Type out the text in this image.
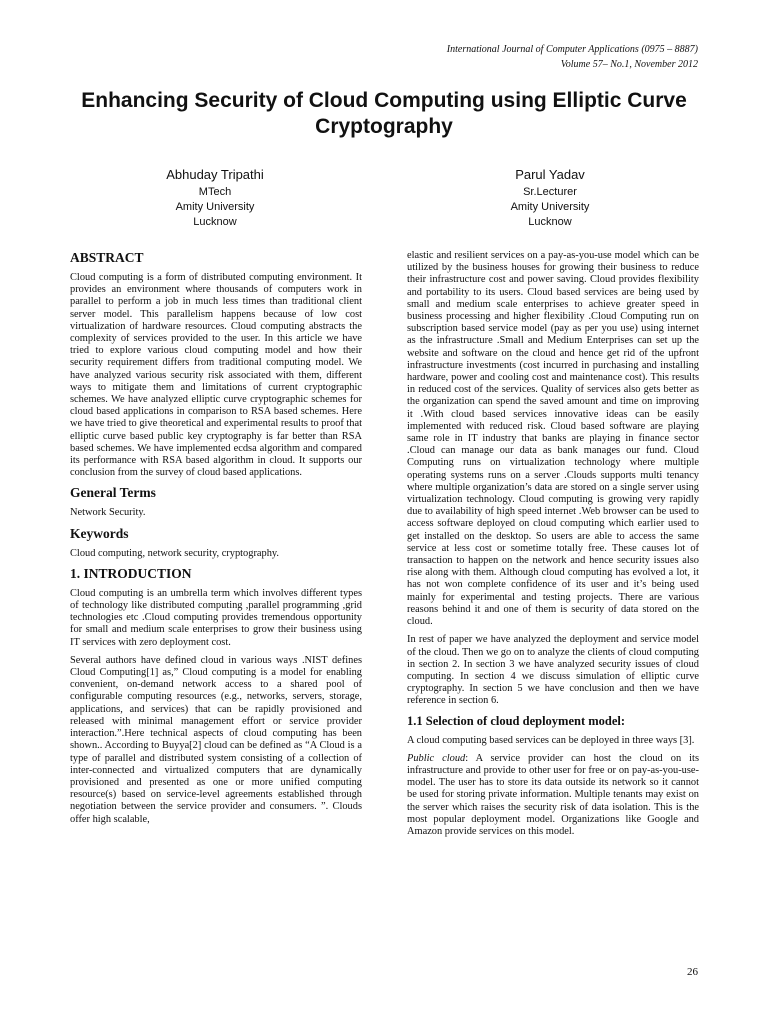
International Journal of Computer Applications (0975 – 8887)
Volume 57– No.1, November 2012
Enhancing Security of Cloud Computing using Elliptic Curve Cryptography
Abhuday Tripathi
MTech
Amity University
Lucknow
Parul Yadav
Sr.Lecturer
Amity University
Lucknow
ABSTRACT

Cloud computing is a form of distributed computing environment. It provides an environment where thousands of computers work in parallel to perform a job in much less times than traditional client server model. This parallelism happens because of low cost virtualization of hardware resources. Cloud computing abstracts the complexity of services provided to the user. In this article we have tried to explore various cloud computing model and how their security requirement differs from traditional computing model. We have analyzed various security risk associated with them, different ways to mitigate them and limitations of current cryptographic schemes. We have analyzed elliptic curve cryptographic schemes for cloud based applications in comparison to RSA based schemes. Here we have tried to give theoretical and experimental results to proof that elliptic curve based public key cryptography is far better than RSA based schemes. We have implemented ecdsa algorithm and compared its performance with RSA based algorithm in cloud. It supports our conclusion from the survey of cloud based applications.

General Terms

Network Security.

Keywords

Cloud computing, network security, cryptography.

1. INTRODUCTION

Cloud computing is an umbrella term which involves different types of technology like distributed computing ,parallel programming ,grid technologies etc .Cloud computing provides tremendous opportunity for small and medium scale enterprises to grow their business using IT services with zero deployment cost.

Several authors have defined cloud in various ways .NIST defines Cloud Computing[1] as,” Cloud computing is a model for enabling convenient, on-demand network access to a shared pool of configurable computing resources (e.g., networks, servers, storage, applications, and services) that can be rapidly provisioned and released with minimal management effort or service provider interaction.”.Here technical aspects of cloud computing has been shown.. According to Buyya[2] cloud can be defined as “A Cloud is a type of parallel and distributed system consisting of a collection of inter-connected and virtualized computers that are dynamically provisioned and presented as one or more unified computing resource(s) based on service-level agreements established through negotiation between the service provider and consumers. ”. Clouds offer high scalable,

elastic and resilient services on a pay-as-you-use model which can be utilized by the business houses for growing their business to reduce their infrastructure cost and power saving. Cloud provides flexibility and portability to its users. Cloud based services are being used by small and medium scale enterprises to achieve greater speed in business processing and higher flexibility .Cloud Computing run on subscription based service model (pay as per you use) using internet as the infrastructure .Small and Medium Enterprises can set up the website and software on the cloud and hence get rid of the upfront infrastructure investments (cost incurred in purchasing and installing hardware, power and cooling cost and maintenance cost). This results in reduced cost of the services. Quality of services also gets better as the organization can spend the saved amount and time on improving it .With cloud based services innovative ideas can be easily implemented with reduced risk. Cloud based software are playing same role in IT industry that banks are playing in finance sector .Cloud can manage our data as bank manages our fund. Cloud Computing runs on virtualization technology where multiple operating systems runs on a server .Clouds supports multi tenancy where multiple organization’s data are stored on a single server using virtualization technology. Cloud computing is growing very rapidly due to availability of high speed internet .Web browser can be used to access software deployed on cloud computing which earlier used to get installed on the desktop. So users are able to access the same service at less cost or sometime totally free. These causes lot of transaction to happen on the network and hence security issues also rise along with them. Although cloud computing has evolved a lot, it has not won complete confidence of its user and it’s being used mainly for experimental and testing projects. There are various reasons behind it and one of them is security of data stored on the cloud.

In rest of paper we have analyzed the deployment and service model of the cloud. Then we go on to analyze the clients of cloud computing in section 2. In section 3 we have analyzed security issues of cloud computing. In section 4 we discuss simulation of elliptic curve cryptography. In section 5 we have conclusion and then we have reference in section 6.

1.1 Selection of cloud deployment model:

A cloud computing based services can be deployed in three ways [3].

Public cloud: A service provider can host the cloud on its infrastructure and provide to other user for free or on pay-as-you-use-model. The user has to store its data outside its network so it cannot be used for storing private information. Multiple tenants may exist on the server which raises the security risk of data isolation. This is the most popular deployment model. Organizations like Google and Amazon provide services on this model.

26
